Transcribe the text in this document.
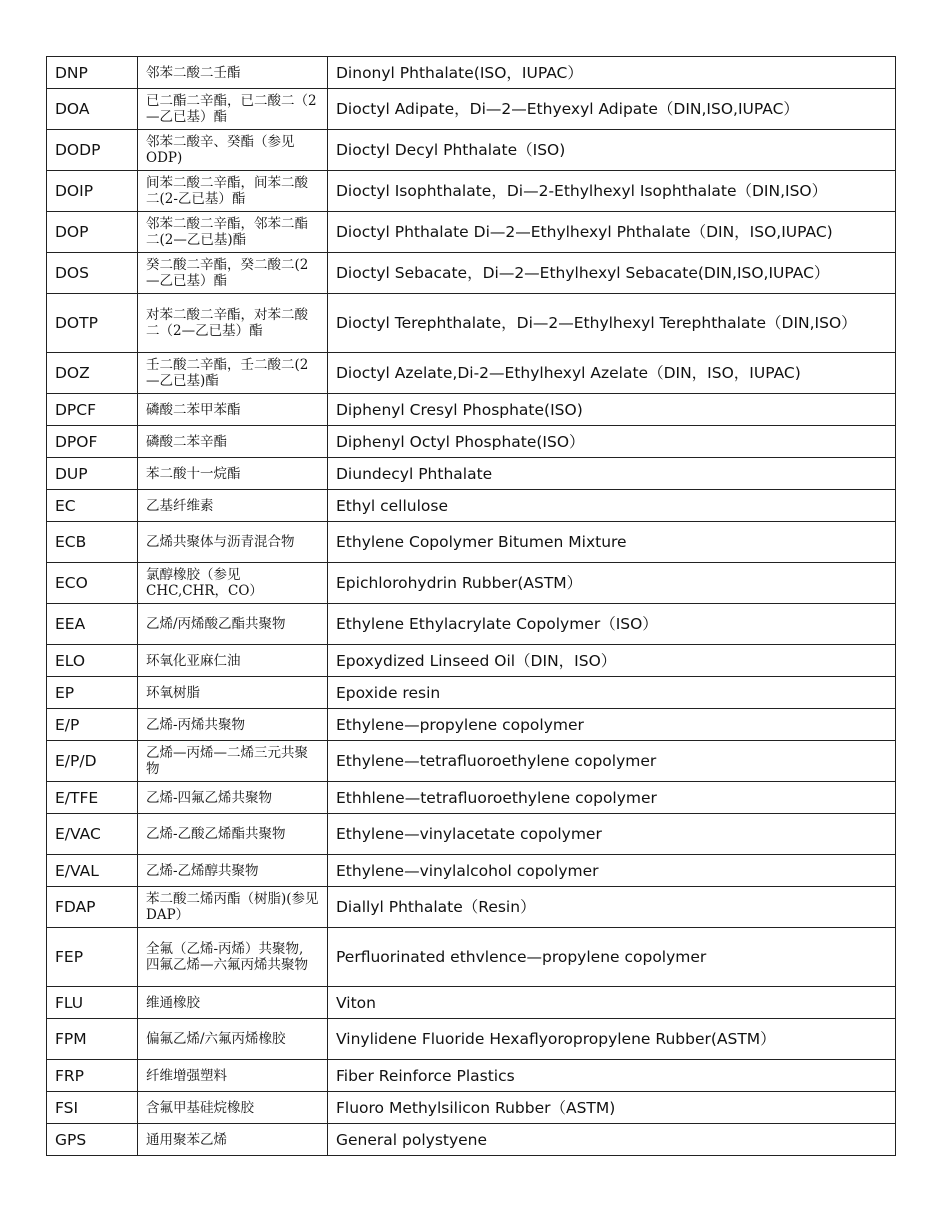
DNP	邻苯二酸二壬酯	Dinonyl Phthalate(ISO，IUPAC）
DOA	已二酯二辛酯，已二酸二（2—乙已基）酯	Dioctyl Adipate，Di—2—Ethyexyl Adipate（DIN,ISO,IUPAC）
DODP	邻苯二酸辛、癸酯（参见 ODP)	Dioctyl Decyl Phthalate（ISO)
DOIP	间苯二酸二辛酯，间苯二酸二(2-乙已基）酯	Dioctyl Isophthalate，Di—2-Ethylhexyl Isophthalate（DIN,ISO）
DOP	邻苯二酸二辛酯，邻苯二酯二(2—乙已基)酯	Dioctyl Phthalate Di—2—Ethylhexyl Phthalate（DIN，ISO,IUPAC)
DOS	癸二酸二辛酯，癸二酸二(2—乙已基）酯	Dioctyl Sebacate，Di—2—Ethylhexyl Sebacate(DIN,ISO,IUPAC）
DOTP	对苯二酸二辛酯，对苯二酸二（2—乙已基）酯	Dioctyl Terephthalate，Di—2—Ethylhexyl Terephthalate（DIN,ISO）
DOZ	壬二酸二辛酯，壬二酸二(2—乙已基)酯	Dioctyl Azelate,Di-2—Ethylhexyl Azelate（DIN，ISO，IUPAC)
DPCF	磷酸二苯甲苯酯	Diphenyl Cresyl Phosphate(ISO)
DPOF	磷酸二苯辛酯	Diphenyl Octyl Phosphate(ISO）
DUP	苯二酸十一烷酯	Diundecyl Phthalate
EC	乙基纤维素	Ethyl cellulose
ECB	乙烯共聚体与沥青混合物	Ethylene Copolymer Bitumen Mixture
ECO	氯醇橡胶（参见 CHC,CHR，CO）	Epichlorohydrin Rubber(ASTM）
EEA	乙烯/丙烯酸乙酯共聚物	Ethylene Ethylacrylate Copolymer（ISO）
ELO	环氧化亚麻仁油	Epoxydized Linseed Oil（DIN，ISO）
EP	环氧树脂	Epoxide resin
E/P	乙烯-丙烯共聚物	Ethylene—propylene copolymer
E/P/D	乙烯—丙烯—二烯三元共聚物	Ethylene—tetrafluoroethylene copolymer
E/TFE	乙烯-四氟乙烯共聚物	Ethhlene—tetrafluoroethylene copolymer
E/VAC	乙烯-乙酸乙烯酯共聚物	Ethylene—vinylacetate copolymer
E/VAL	乙烯-乙烯醇共聚物	Ethylene—vinylalcohol copolymer
FDAP	苯二酸二烯丙酯（树脂)(参见 DAP）	Diallyl Phthalate（Resin）
FEP	全氟（乙烯-丙烯）共聚物, 四氟乙烯—六氟丙烯共聚物	Perfluorinated ethvlence—propylene copolymer
FLU	维通橡胶	Viton
FPM	偏氟乙烯/六氟丙烯橡胶	Vinylidene Fluoride Hexaflyoropropylene Rubber(ASTM）
FRP	纤维增强塑料	Fiber Reinforce Plastics
FSI	含氟甲基硅烷橡胶	Fluoro Methylsilicon Rubber（ASTM)
GPS	通用聚苯乙烯	General polystyene
